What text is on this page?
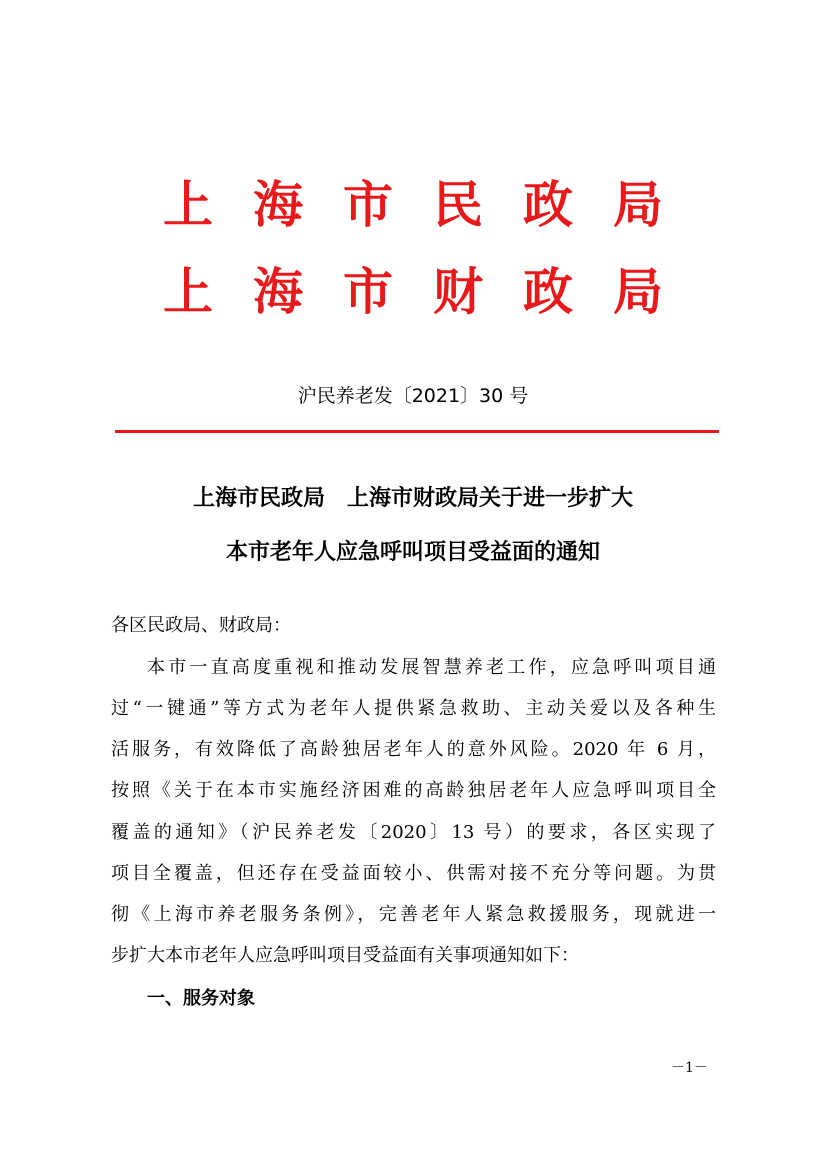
上海市民政局
上海市财政局
沪民养老发〔2021〕30 号
上海市民政局　上海市财政局关于进一步扩大
本市老年人应急呼叫项目受益面的通知
各区民政局、财政局：
本市一直高度重视和推动发展智慧养老工作，应急呼叫项目通
过“一键通”等方式为老年人提供紧急救助、主动关爱以及各种生
活服务，有效降低了高龄独居老年人的意外风险。2020 年 6 月，
按照《关于在本市实施经济困难的高龄独居老年人应急呼叫项目全
覆盖的通知》（沪民养老发〔2020〕13 号）的要求，各区实现了
项目全覆盖，但还存在受益面较小、供需对接不充分等问题。为贯
彻《上海市养老服务条例》，完善老年人紧急救援服务，现就进一
步扩大本市老年人应急呼叫项目受益面有关事项通知如下：
一、服务对象
－1－
